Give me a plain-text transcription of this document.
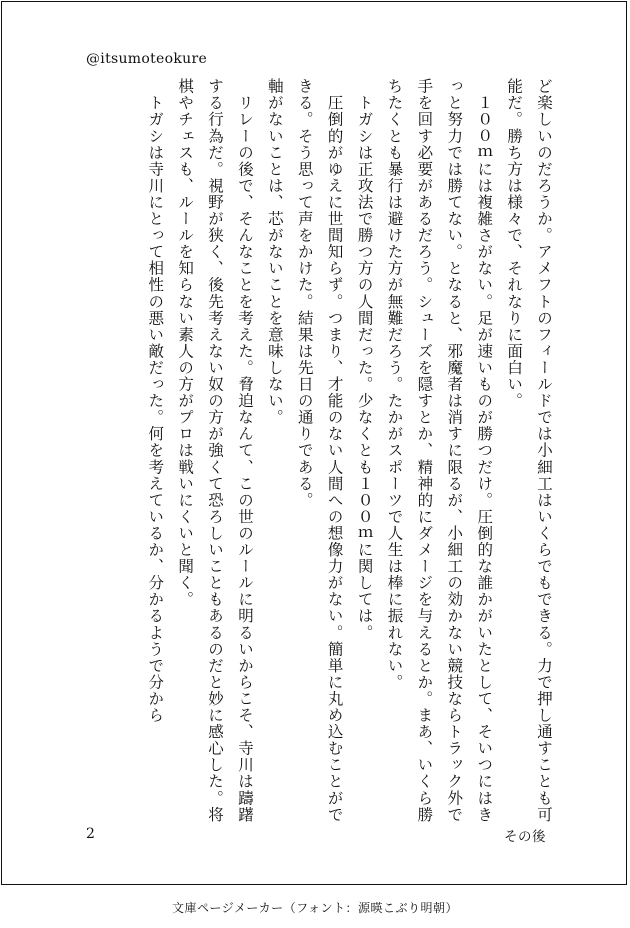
@itsumoteokure

ど楽しいのだろうか。アメフトのフィールドでは小細工はいくらでもできる。力で押し通すことも可能だ。勝ち方は様々で、それなりに面白い。

　１００ｍには複雑さがない。足が速いものが勝つだけ。圧倒的な誰かがいたとして、そいつにはきっと努力では勝てない。となると、邪魔者は消すに限るが、小細工の効かない競技ならトラック外で手を回す必要があるだろう。シューズを隠すとか、精神的にダメージを与えるとか。まあ、いくら勝ちたくとも暴行は避けた方が無難だろう。たかがスポーツで人生は棒に振れない。

　トガシは正攻法で勝つ方の人間だった。少なくとも１００ｍに関しては。

　圧倒的がゆえに世間知らず。つまり、才能のない人間への想像力がない。簡単に丸め込むことができる。そう思って声をかけた。結果は先日の通りである。

軸がないことは、芯がないことを意味しない。

　リレーの後で、そんなことを考えた。脅迫なんて、この世のルールに明るいからこそ、寺川は躊躇する行為だ。視野が狭く、後先考えない奴の方が強くて恐ろしいこともあるのだと妙に感心した。将棋やチェスも、ルールを知らない素人の方がプロは戦いにくいと聞く。

　トガシは寺川にとって相性の悪い敵だった。何を考えているか、分かるようで分から

2	その後
文庫ページメーカー（フォント：源暎こぶり明朝）
